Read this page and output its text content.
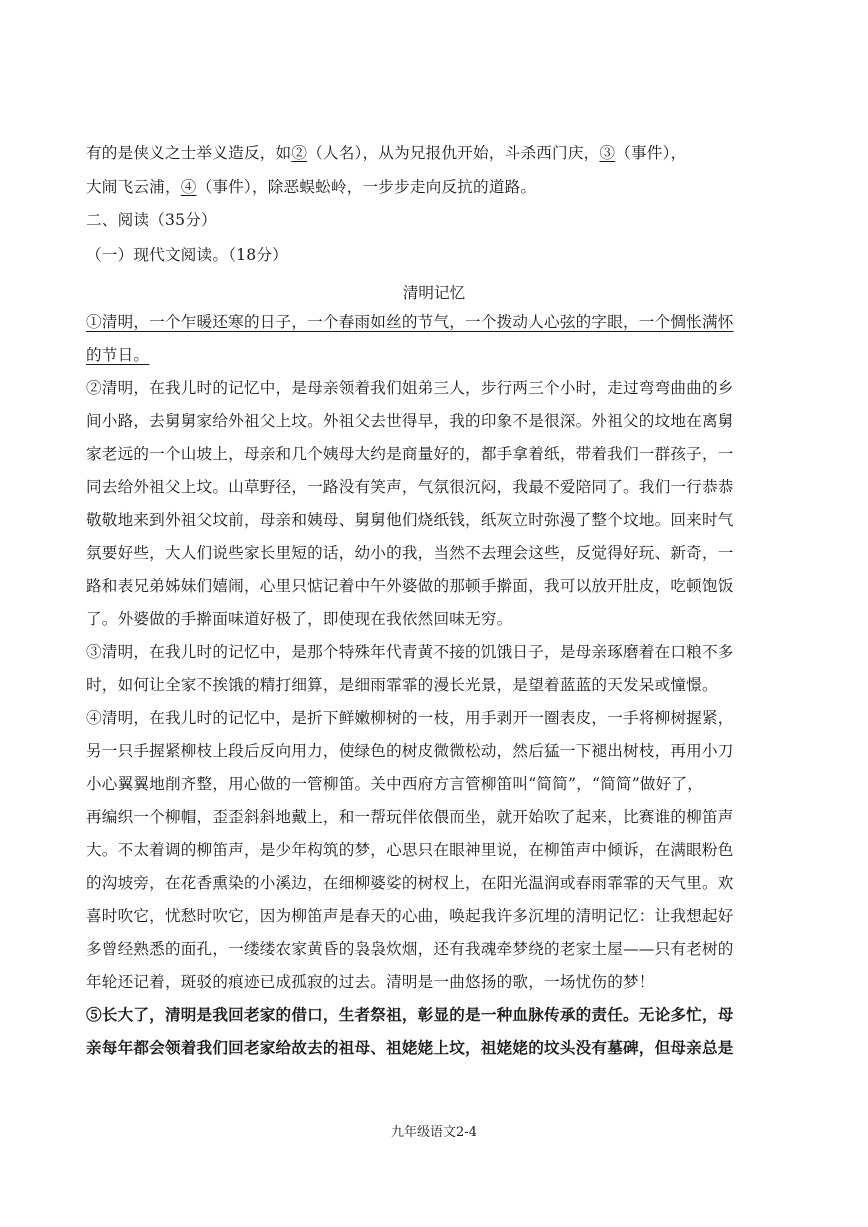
有的是侠义之士举义造反，如②（人名），从为兄报仇开始，斗杀西门庆，③（事件），
大闹飞云浦，④（事件），除恶蜈蚣岭，一步步走向反抗的道路。
二、阅读（35分）
（一）现代文阅读。（18分）
清明记忆
①清明，一个乍暖还寒的日子，一个春雨如丝的节气，一个拨动人心弦的字眼，一个惆怅满怀
的节日。
②清明，在我儿时的记忆中，是母亲领着我们姐弟三人，步行两三个小时，走过弯弯曲曲的乡
间小路，去舅舅家给外祖父上坟。外祖父去世得早，我的印象不是很深。外祖父的坟地在离舅
家老远的一个山坡上，母亲和几个姨母大约是商量好的，都手拿着纸，带着我们一群孩子，一
同去给外祖父上坟。山草野径，一路没有笑声，气氛很沉闷，我最不爱陪同了。我们一行恭恭
敬敬地来到外祖父坟前，母亲和姨母、舅舅他们烧纸钱，纸灰立时弥漫了整个坟地。回来时气
氛要好些，大人们说些家长里短的话，幼小的我，当然不去理会这些，反觉得好玩、新奇，一
路和表兄弟姊妹们嬉闹，心里只惦记着中午外婆做的那顿手擀面，我可以放开肚皮，吃顿饱饭
了。外婆做的手擀面味道好极了，即使现在我依然回味无穷。
③清明，在我儿时的记忆中，是那个特殊年代青黄不接的饥饿日子，是母亲琢磨着在口粮不多
时，如何让全家不挨饿的精打细算，是细雨霏霏的漫长光景，是望着蓝蓝的天发呆或憧憬。
④清明，在我儿时的记忆中，是折下鲜嫩柳树的一枝，用手剥开一圈表皮，一手将柳树握紧，
另一只手握紧柳枝上段后反向用力，使绿色的树皮微微松动，然后猛一下褪出树枝，再用小刀
小心翼翼地削齐整，用心做的一管柳笛。关中西府方言管柳笛叫“简简”，“简简”做好了，
再编织一个柳帽，歪歪斜斜地戴上，和一帮玩伴依偎而坐，就开始吹了起来，比赛谁的柳笛声
大。不太着调的柳笛声，是少年构筑的梦，心思只在眼神里说，在柳笛声中倾诉，在满眼粉色
的沟坡旁，在花香熏染的小溪边，在细柳婆娑的树杈上，在阳光温润或春雨霏霏的天气里。欢
喜时吹它，忧愁时吹它，因为柳笛声是春天的心曲，唤起我许多沉埋的清明记忆：让我想起好
多曾经熟悉的面孔，一缕缕农家黄昏的袅袅炊烟，还有我魂牵梦绕的老家土屋——只有老树的
年轮还记着，斑驳的痕迹已成孤寂的过去。清明是一曲悠扬的歌，一场忧伤的梦！
⑤长大了，清明是我回老家的借口，生者祭祖，彰显的是一种血脉传承的责任。无论多忙，母
亲每年都会领着我们回老家给故去的祖母、祖姥姥上坟，祖姥姥的坟头没有墓碑，但母亲总是
九年级语文2-4
